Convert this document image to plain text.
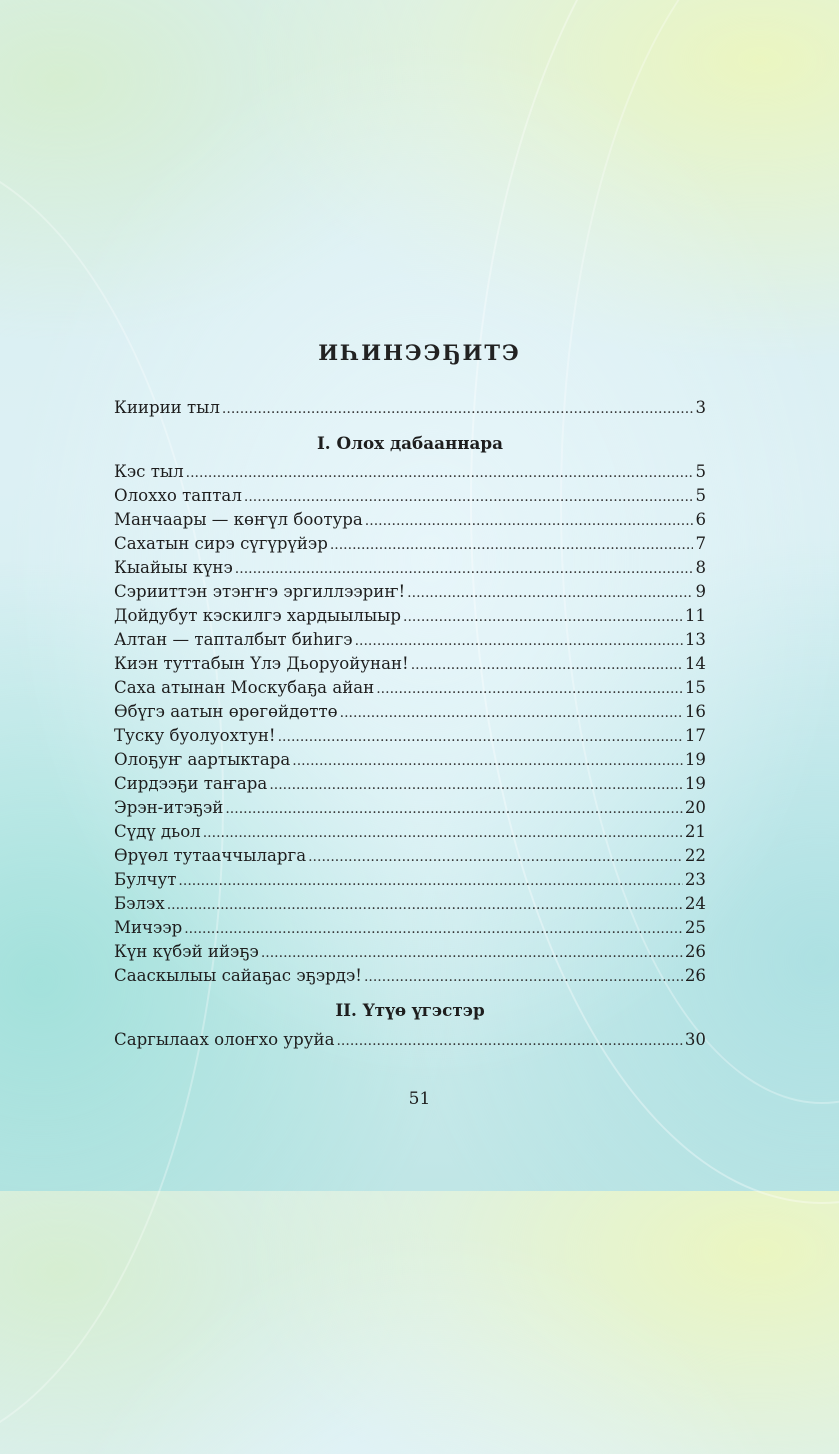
ИҺИНЭЭҔИТЭ
Киирии тыл .....	3
I. Олох дабааннара
Кэс тыл .....	5
Олоххо таптал .....	5
Манчаары — көҥүл боотура .....	6
Сахатын сирэ сүгүрүйэр .....	7
Кыайыы күнэ .....	8
Сэрииттэн этэҥҥэ эргиллээриҥ! .....	9
Дойдубут кэскилгэ хардыылыыр .....	11
Алтан — тапталбыт биһигэ .....	13
Киэн туттабын Үлэ Дьоруойунан! .....	14
Саха атынан Москубаҕа айан .....	15
Өбүгэ аатын өрөгөйдөттө .....	16
Туску буолуохтун! .....	17
Олоҕуҥ аартыктара .....	19
Сирдээҕи таҥара .....	19
Эрэн-итэҕэй .....	20
Сүдү дьол .....	21
Өрүөл тутааччыларга .....	22
Булчут .....	23
Бэлэх .....	24
Мичээр .....	25
Күн күбэй ийэҕэ .....	26
Сааскылыы сайаҕас эҕэрдэ! .....	26
II. Үтүө үгэстэр
Саргылаах олоҥхо уруйа .....	30
51
